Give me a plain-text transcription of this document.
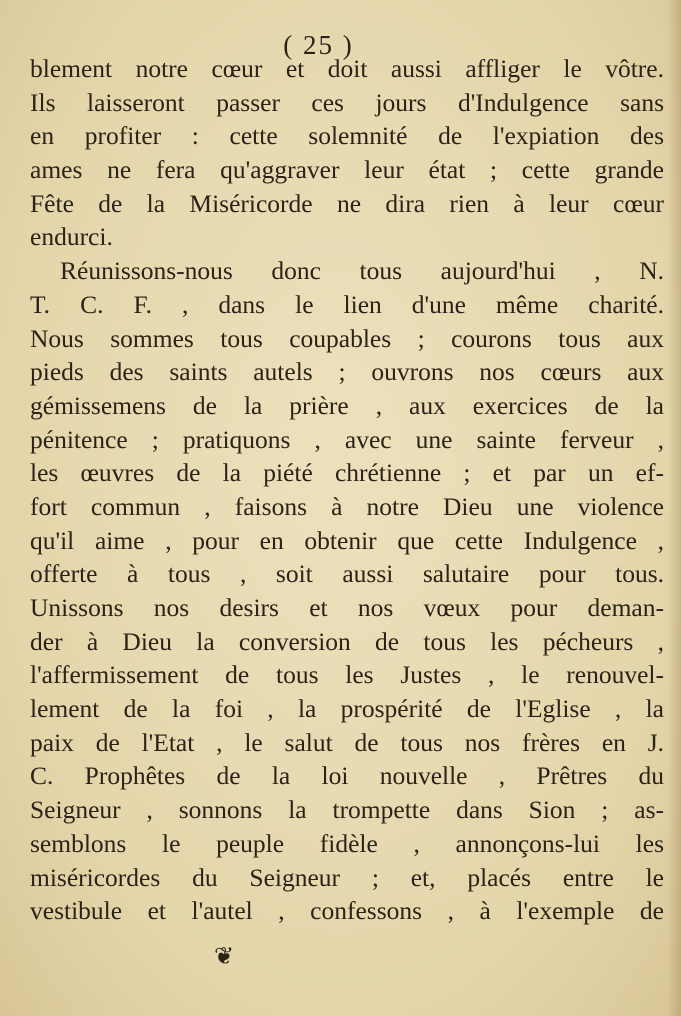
( 25 )
blement notre cœur et doit aussi affliger le vôtre.
Ils laisseront passer ces jours d'Indulgence sans
en profiter : cette solemnité de l'expiation des
ames ne fera qu'aggraver leur état ; cette grande
Fête de la Miséricorde ne dira rien à leur cœur
endurci.
Réunissons-nous donc tous aujourd'hui , N.
T. C. F. , dans le lien d'une même charité.
Nous sommes tous coupables ; courons tous aux
pieds des saints autels ; ouvrons nos cœurs aux
gémissemens de la prière , aux exercices de la
pénitence ; pratiquons , avec une sainte ferveur ,
les œuvres de la piété chrétienne ; et par un ef-
fort commun , faisons à notre Dieu une violence
qu'il aime , pour en obtenir que cette Indulgence ,
offerte à tous , soit aussi salutaire pour tous.
Unissons nos desirs et nos vœux pour deman-
der à Dieu la conversion de tous les pécheurs ,
l'affermissement de tous les Justes , le renouvel-
lement de la foi , la prospérité de l'Eglise , la
paix de l'Etat , le salut de tous nos frères en J.
C. Prophêtes de la loi nouvelle , Prêtres du
Seigneur , sonnons la trompette dans Sion ; as-
semblons le peuple fidèle , annonçons-lui les
miséricordes du Seigneur ; et, placés entre le
vestibule et l'autel , confessons , à l'exemple de
❦
